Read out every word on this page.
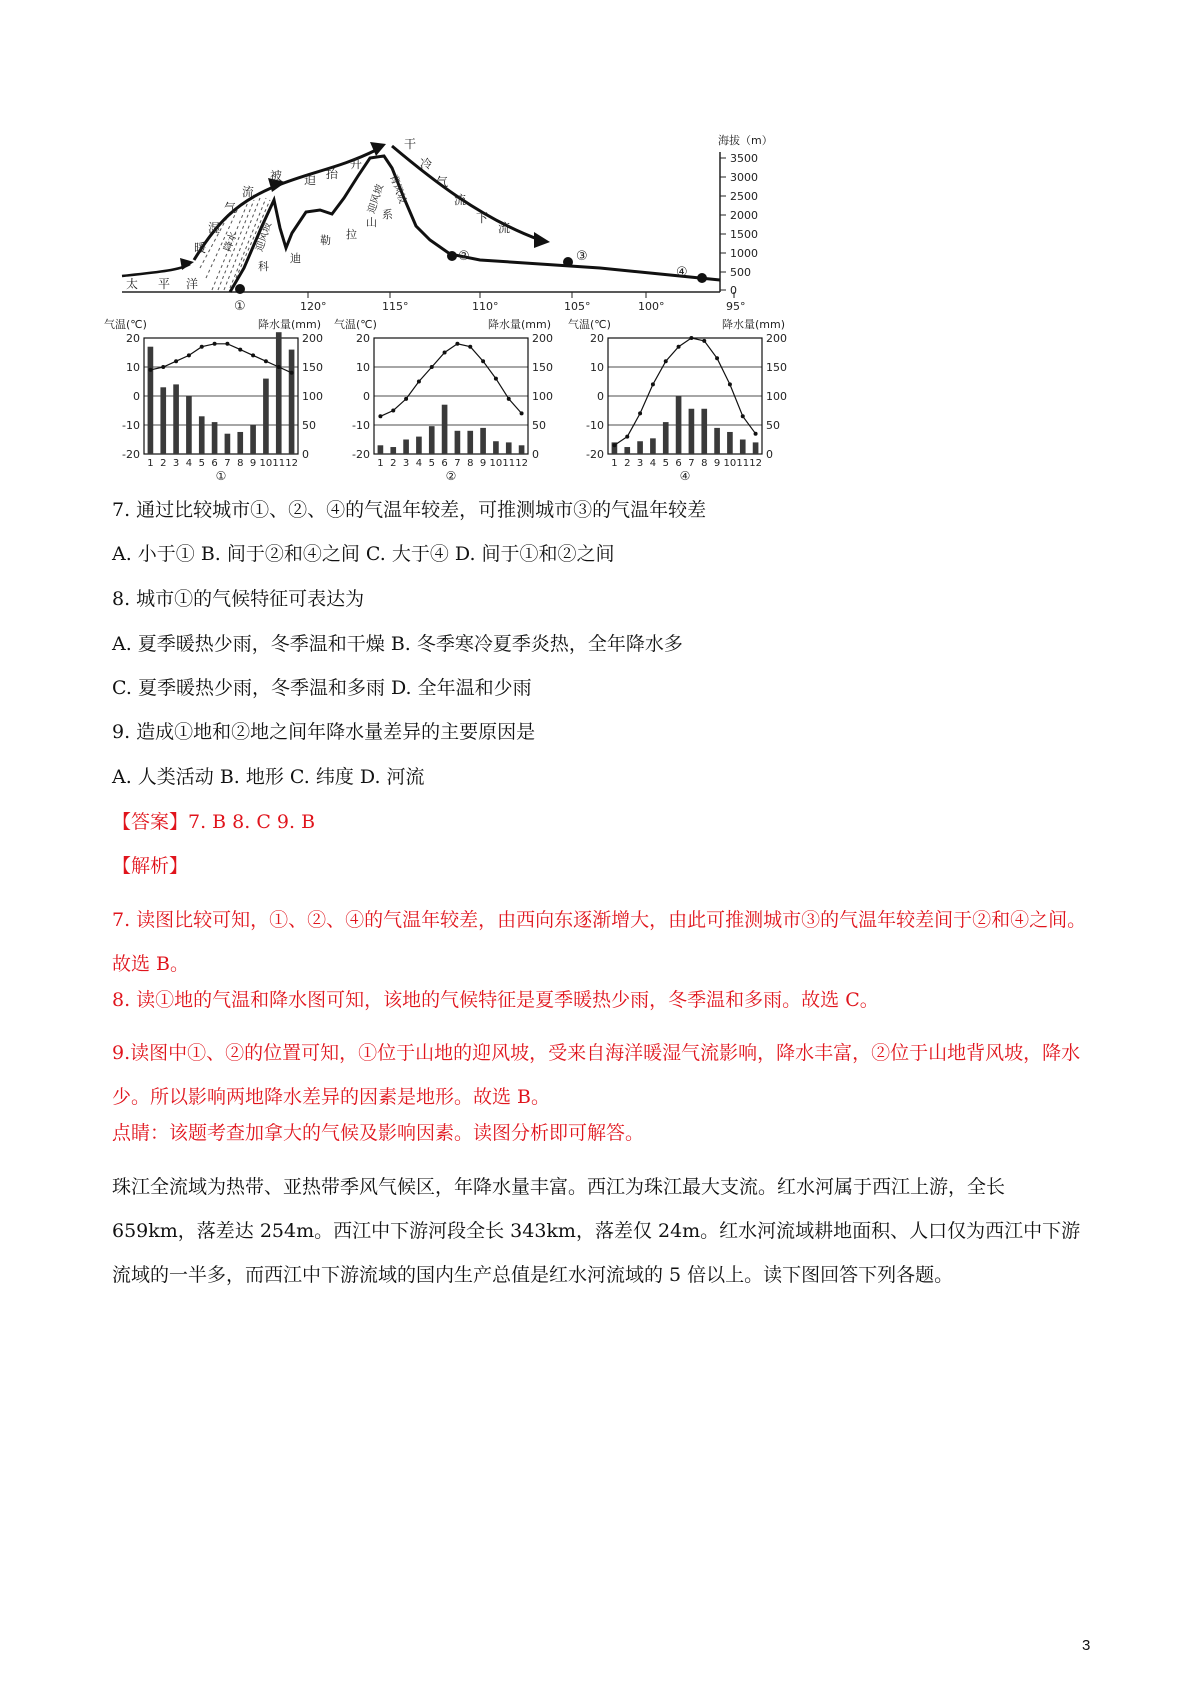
海拔（m）
3500
3000
2500
2000
1500
1000
500
0
120°	115°	110°	105°	100°	95°
①
②	③
④
太 平 洋
暖
湿
气
流
被 迫 抬
升
干
冷
气
流
下
流
科
迪
勒 拉
山
系
迎风坡
迎风坡 背风坡
降水
气温(℃)	降水量(mm)
20
10
0
-10
-20
200
150
100
50
0
1 2 3 4 5 6 7 8 9 10 11 12
①
气温(℃)	降水量(mm)
20
10
0
-10
-20
200
150
100
50
0
1 2 3 4 5 6 7 8 9 10 11 12
②
气温(℃)	降水量(mm)
20
10
0
-10
-20
200
150
100
50
0
1 2 3 4 5 6 7 8 9 10 11 12
④
7. 通过比较城市①、②、④的气温年较差，可推测城市③的气温年较差
A. 小于① B. 间于②和④之间 C. 大于④ D. 间于①和②之间
8. 城市①的气候特征可表达为
A. 夏季暖热少雨，冬季温和干燥 B. 冬季寒冷夏季炎热，全年降水多
C. 夏季暖热少雨，冬季温和多雨 D. 全年温和少雨
9. 造成①地和②地之间年降水量差异的主要原因是
A. 人类活动 B. 地形 C. 纬度 D. 河流
【答案】7. B 8. C 9. B
【解析】
7. 读图比较可知，①、②、④的气温年较差，由西向东逐渐增大，由此可推测城市③的气温年较差间于②和④之间。故选 B。
8. 读①地的气温和降水图可知，该地的气候特征是夏季暖热少雨，冬季温和多雨。故选 C。
9.读图中①、②的位置可知，①位于山地的迎风坡，受来自海洋暖湿气流影响，降水丰富，②位于山地背风坡，降水少。所以影响两地降水差异的因素是地形。故选 B。
点睛：该题考查加拿大的气候及影响因素。读图分析即可解答。
珠江全流域为热带、亚热带季风气候区，年降水量丰富。西江为珠江最大支流。红水河属于西江上游，全长 659km，落差达 254m。西江中下游河段全长 343km，落差仅 24m。红水河流域耕地面积、人口仅为西江中下游流域的一半多，而西江中下游流域的国内生产总值是红水河流域的 5 倍以上。读下图回答下列各题。
3
